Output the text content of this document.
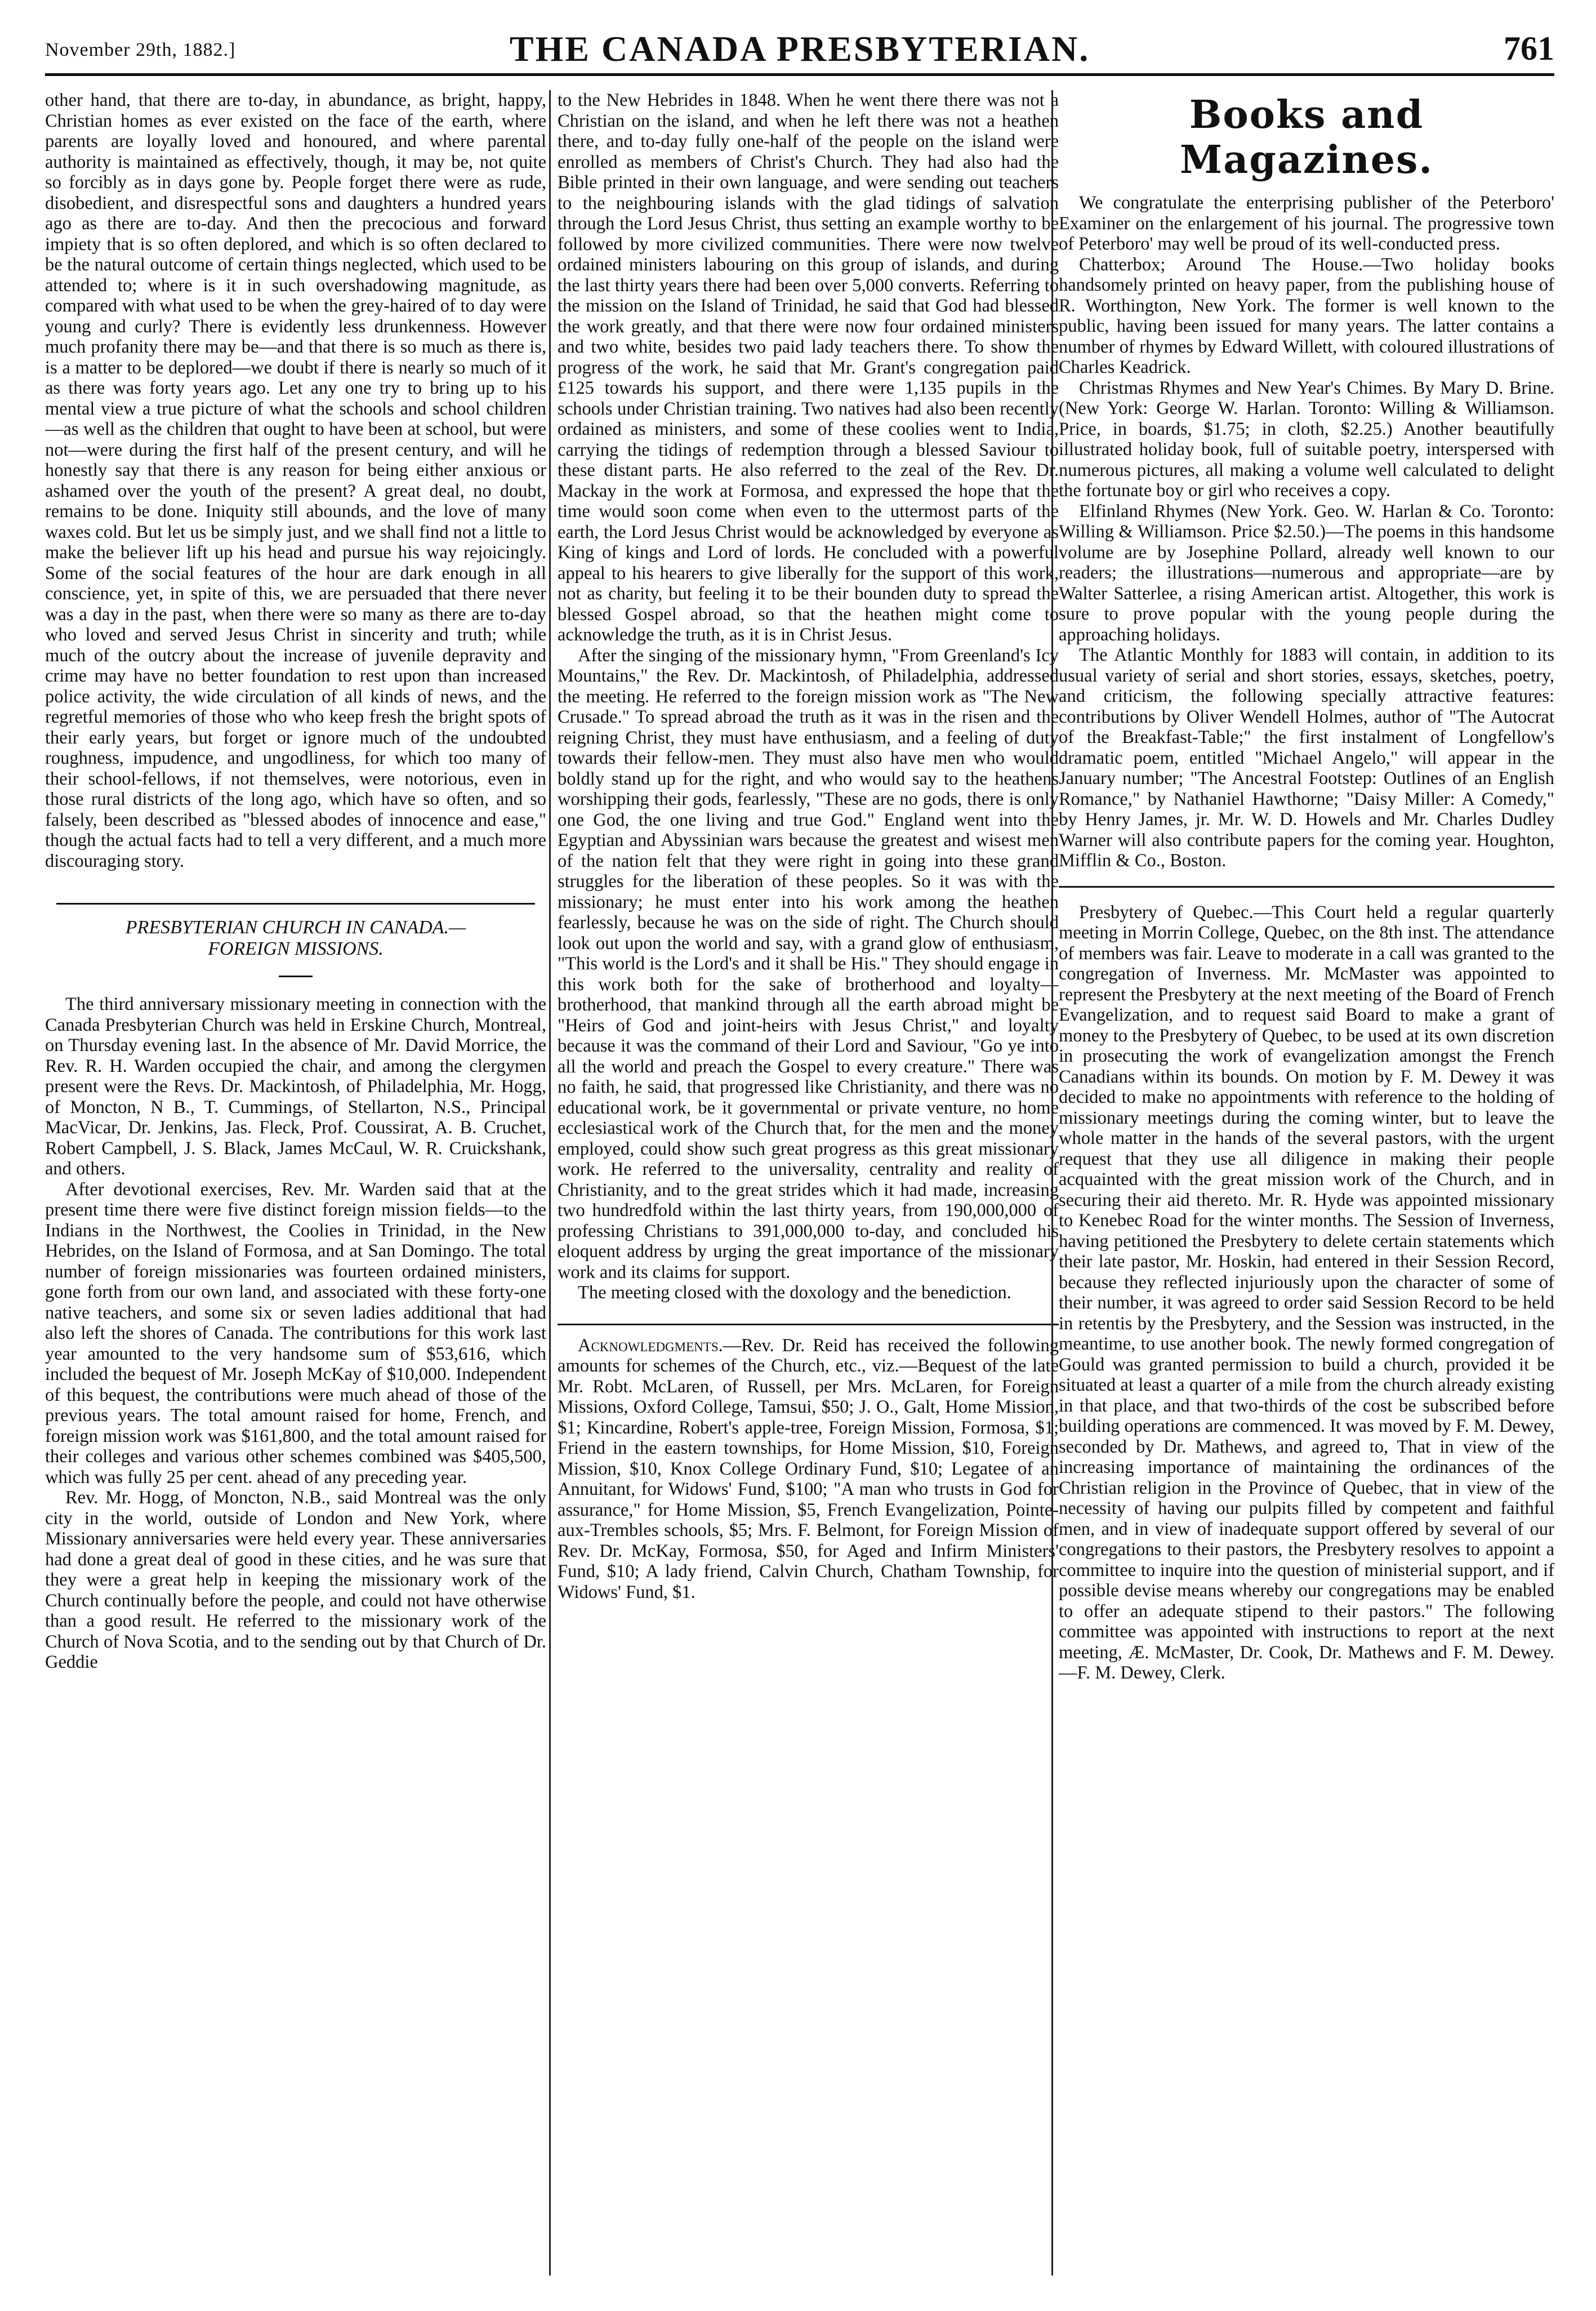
November 29th, 1882.]	THE CANADA PRESBYTERIAN.	761

other hand, that there are to-day, in abundance, as bright, happy, Christian homes as ever existed on the face of the earth, where parents are loyally loved and honoured, and where parental authority is maintained as effectively, though, it may be, not quite so forcibly as in days gone by. People forget there were as rude, disobedient, and disrespectful sons and daughters a hundred years ago as there are to-day. And then the precocious and forward impiety that is so often deplored, and which is so often declared to be the natural outcome of certain things neglected, which used to be attended to; where is it in such overshadowing magnitude, as compared with what used to be when the grey-haired of to day were young and curly? There is evidently less drunkenness. However much profanity there may be—and that there is so much as there is, is a matter to be deplored—we doubt if there is nearly so much of it as there was forty years ago. Let any one try to bring up to his mental view a true picture of what the schools and school children—as well as the children that ought to have been at school, but were not—were during the first half of the present century, and will he honestly say that there is any reason for being either anxious or ashamed over the youth of the present? A great deal, no doubt, remains to be done. Iniquity still abounds, and the love of many waxes cold. But let us be simply just, and we shall find not a little to make the believer lift up his head and pursue his way rejoicingly. Some of the social features of the hour are dark enough in all conscience, yet, in spite of this, we are persuaded that there never was a day in the past, when there were so many as there are to-day who loved and served Jesus Christ in sincerity and truth; while much of the outcry about the increase of juvenile depravity and crime may have no better foundation to rest upon than increased police activity, the wide circulation of all kinds of news, and the regretful memories of those who who keep fresh the bright spots of their early years, but forget or ignore much of the undoubted roughness, impudence, and ungodliness, for which too many of their school-fellows, if not themselves, were notorious, even in those rural districts of the long ago, which have so often, and so falsely, been described as "blessed abodes of innocence and ease," though the actual facts had to tell a very different, and a much more discouraging story.

PRESBYTERIAN CHURCH IN CANADA.—
FOREIGN MISSIONS.

The third anniversary missionary meeting in connection with the Canada Presbyterian Church was held in Erskine Church, Montreal, on Thursday evening last. In the absence of Mr. David Morrice, the Rev. R. H. Warden occupied the chair, and among the clergymen present were the Revs. Dr. Mackintosh, of Philadelphia, Mr. Hogg, of Moncton, N B., T. Cummings, of Stellarton, N.S., Principal MacVicar, Dr. Jenkins, Jas. Fleck, Prof. Coussirat, A. B. Cruchet, Robert Campbell, J. S. Black, James McCaul, W. R. Cruickshank, and others.

After devotional exercises, Rev. Mr. Warden said that at the present time there were five distinct foreign mission fields—to the Indians in the Northwest, the Coolies in Trinidad, in the New Hebrides, on the Island of Formosa, and at San Domingo. The total number of foreign missionaries was fourteen ordained ministers, gone forth from our own land, and associated with these forty-one native teachers, and some six or seven ladies additional that had also left the shores of Canada. The contributions for this work last year amounted to the very handsome sum of $53,616, which included the bequest of Mr. Joseph McKay of $10,000. Independent of this bequest, the contributions were much ahead of those of the previous years. The total amount raised for home, French, and foreign mission work was $161,800, and the total amount raised for their colleges and various other schemes combined was $405,500, which was fully 25 per cent. ahead of any preceding year.

Rev. Mr. Hogg, of Moncton, N.B., said Montreal was the only city in the world, outside of London and New York, where Missionary anniversaries were held every year. These anniversaries had done a great deal of good in these cities, and he was sure that they were a great help in keeping the missionary work of the Church continually before the people, and could not have otherwise than a good result. He referred to the missionary work of the Church of Nova Scotia, and to the sending out by that Church of Dr. Geddie

to the New Hebrides in 1848. When he went there there was not a Christian on the island, and when he left there was not a heathen there, and to-day fully one-half of the people on the island were enrolled as members of Christ's Church. They had also had the Bible printed in their own language, and were sending out teachers to the neighbouring islands with the glad tidings of salvation through the Lord Jesus Christ, thus setting an example worthy to be followed by more civilized communities. There were now twelve ordained ministers labouring on this group of islands, and during the last thirty years there had been over 5,000 converts. Referring to the mission on the Island of Trinidad, he said that God had blessed the work greatly, and that there were now four ordained ministers and two white, besides two paid lady teachers there. To show the progress of the work, he said that Mr. Grant's congregation paid £125 towards his support, and there were 1,135 pupils in the schools under Christian training. Two natives had also been recently ordained as ministers, and some of these coolies went to India, carrying the tidings of redemption through a blessed Saviour to these distant parts. He also referred to the zeal of the Rev. Dr. Mackay in the work at Formosa, and expressed the hope that the time would soon come when even to the uttermost parts of the earth, the Lord Jesus Christ would be acknowledged by everyone as King of kings and Lord of lords. He concluded with a powerful appeal to his hearers to give liberally for the support of this work, not as charity, but feeling it to be their bounden duty to spread the blessed Gospel abroad, so that the heathen might come to acknowledge the truth, as it is in Christ Jesus.

After the singing of the missionary hymn, "From Greenland's Icy Mountains," the Rev. Dr. Mackintosh, of Philadelphia, addressed the meeting. He referred to the foreign mission work as "The New Crusade." To spread abroad the truth as it was in the risen and the reigning Christ, they must have enthusiasm, and a feeling of duty towards their fellow-men. They must also have men who would boldly stand up for the right, and who would say to the heathens worshipping their gods, fearlessly, "These are no gods, there is only one God, the one living and true God." England went into the Egyptian and Abyssinian wars because the greatest and wisest men of the nation felt that they were right in going into these grand struggles for the liberation of these peoples. So it was with the missionary; he must enter into his work among the heathen fearlessly, because he was on the side of right. The Church should look out upon the world and say, with a grand glow of enthusiasm, "This world is the Lord's and it shall be His." They should engage in this work both for the sake of brotherhood and loyalty—brotherhood, that mankind through all the earth abroad might be "Heirs of God and joint-heirs with Jesus Christ," and loyalty because it was the command of their Lord and Saviour, "Go ye into all the world and preach the Gospel to every creature." There was no faith, he said, that progressed like Christianity, and there was no educational work, be it governmental or private venture, no home ecclesiastical work of the Church that, for the men and the money employed, could show such great progress as this great missionary work. He referred to the universality, centrality and reality of Christianity, and to the great strides which it had made, increasing two hundredfold within the last thirty years, from 190,000,000 of professing Christians to 391,000,000 to-day, and concluded his eloquent address by urging the great importance of the missionary work and its claims for support.

The meeting closed with the doxology and the benediction.

Acknowledgments.—Rev. Dr. Reid has received the following amounts for schemes of the Church, etc., viz.—Bequest of the late Mr. Robt. McLaren, of Russell, per Mrs. McLaren, for Foreign Missions, Oxford College, Tamsui, $50; J. O., Galt, Home Mission, $1; Kincardine, Robert's apple-tree, Foreign Mission, Formosa, $1; Friend in the eastern townships, for Home Mission, $10, Foreign Mission, $10, Knox College Ordinary Fund, $10; Legatee of an Annuitant, for Widows' Fund, $100; "A man who trusts in God for assurance," for Home Mission, $5, French Evangelization, Pointe-aux-Trembles schools, $5; Mrs. F. Belmont, for Foreign Mission of Rev. Dr. McKay, Formosa, $50, for Aged and Infirm Ministers' Fund, $10; A lady friend, Calvin Church, Chatham Township, for Widows' Fund, $1.

Books and Magazines.

We congratulate the enterprising publisher of the Peterboro' Examiner on the enlargement of his journal. The progressive town of Peterboro' may well be proud of its well-conducted press.

Chatterbox; Around The House.—Two holiday books handsomely printed on heavy paper, from the publishing house of R. Worthington, New York. The former is well known to the public, having been issued for many years. The latter contains a number of rhymes by Edward Willett, with coloured illustrations of Charles Keadrick.

Christmas Rhymes and New Year's Chimes. By Mary D. Brine. (New York: George W. Harlan. Toronto: Willing & Williamson. Price, in boards, $1.75; in cloth, $2.25.) Another beautifully illustrated holiday book, full of suitable poetry, interspersed with numerous pictures, all making a volume well calculated to delight the fortunate boy or girl who receives a copy.

Elfinland Rhymes (New York. Geo. W. Harlan & Co. Toronto: Willing & Williamson. Price $2.50.)—The poems in this handsome volume are by Josephine Pollard, already well known to our readers; the illustrations—numerous and appropriate—are by Walter Satterlee, a rising American artist. Altogether, this work is sure to prove popular with the young people during the approaching holidays.

The Atlantic Monthly for 1883 will contain, in addition to its usual variety of serial and short stories, essays, sketches, poetry, and criticism, the following specially attractive features: contributions by Oliver Wendell Holmes, author of "The Autocrat of the Breakfast-Table;" the first instalment of Longfellow's dramatic poem, entitled "Michael Angelo," will appear in the January number; "The Ancestral Footstep: Outlines of an English Romance," by Nathaniel Hawthorne; "Daisy Miller: A Comedy," by Henry James, jr. Mr. W. D. Howels and Mr. Charles Dudley Warner will also contribute papers for the coming year. Houghton, Mifflin & Co., Boston.

Presbytery of Quebec.—This Court held a regular quarterly meeting in Morrin College, Quebec, on the 8th inst. The attendance of members was fair. Leave to moderate in a call was granted to the congregation of Inverness. Mr. McMaster was appointed to represent the Presbytery at the next meeting of the Board of French Evangelization, and to request said Board to make a grant of money to the Presbytery of Quebec, to be used at its own discretion in prosecuting the work of evangelization amongst the French Canadians within its bounds. On motion by F. M. Dewey it was decided to make no appointments with reference to the holding of missionary meetings during the coming winter, but to leave the whole matter in the hands of the several pastors, with the urgent request that they use all diligence in making their people acquainted with the great mission work of the Church, and in securing their aid thereto. Mr. R. Hyde was appointed missionary to Kenebec Road for the winter months. The Session of Inverness, having petitioned the Presbytery to delete certain statements which their late pastor, Mr. Hoskin, had entered in their Session Record, because they reflected injuriously upon the character of some of their number, it was agreed to order said Session Record to be held in retentis by the Presbytery, and the Session was instructed, in the meantime, to use another book. The newly formed congregation of Gould was granted permission to build a church, provided it be situated at least a quarter of a mile from the church already existing in that place, and that two-thirds of the cost be subscribed before building operations are commenced. It was moved by F. M. Dewey, seconded by Dr. Mathews, and agreed to, That in view of the increasing importance of maintaining the ordinances of the Christian religion in the Province of Quebec, that in view of the necessity of having our pulpits filled by competent and faithful men, and in view of inadequate support offered by several of our congregations to their pastors, the Presbytery resolves to appoint a committee to inquire into the question of ministerial support, and if possible devise means whereby our congregations may be enabled to offer an adequate stipend to their pastors." The following committee was appointed with instructions to report at the next meeting, Æ. McMaster, Dr. Cook, Dr. Mathews and F. M. Dewey.—F. M. Dewey, Clerk.
